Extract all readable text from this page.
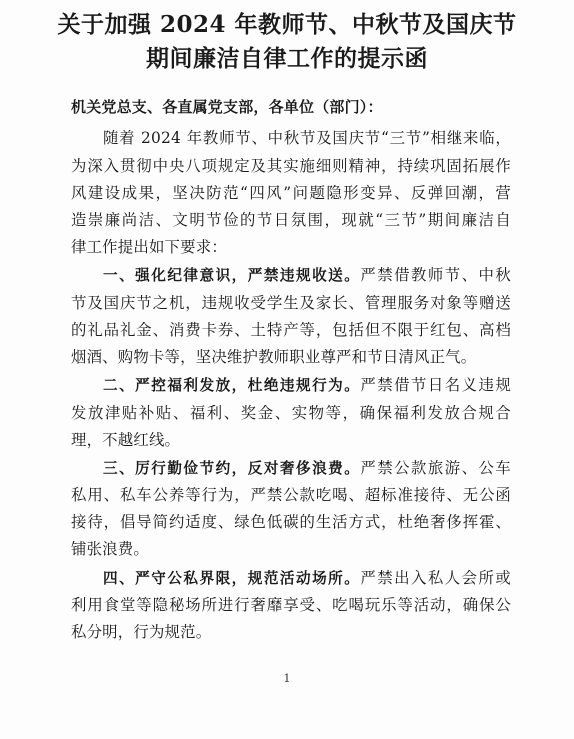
关于加强 2024 年教师节、中秋节及国庆节
期间廉洁自律工作的提示函
机关党总支、各直属党支部，各单位（部门）：
随着 2024 年教师节、中秋节及国庆节“三节”相继来临，
为深入贯彻中央八项规定及其实施细则精神，持续巩固拓展作
风建设成果，坚决防范“四风”问题隐形变异、反弹回潮，营
造崇廉尚洁、文明节俭的节日氛围，现就“三节”期间廉洁自
律工作提出如下要求：
一、强化纪律意识，严禁违规收送。严禁借教师节、中秋
节及国庆节之机，违规收受学生及家长、管理服务对象等赠送
的礼品礼金、消费卡券、土特产等，包括但不限于红包、高档
烟酒、购物卡等，坚决维护教师职业尊严和节日清风正气。
二、严控福利发放，杜绝违规行为。严禁借节日名义违规
发放津贴补贴、福利、奖金、实物等，确保福利发放合规合
理，不越红线。
三、厉行勤俭节约，反对奢侈浪费。严禁公款旅游、公车
私用、私车公养等行为，严禁公款吃喝、超标准接待、无公函
接待，倡导简约适度、绿色低碳的生活方式，杜绝奢侈挥霍、
铺张浪费。
四、严守公私界限，规范活动场所。严禁出入私人会所或
利用食堂等隐秘场所进行奢靡享受、吃喝玩乐等活动，确保公
私分明，行为规范。
1
